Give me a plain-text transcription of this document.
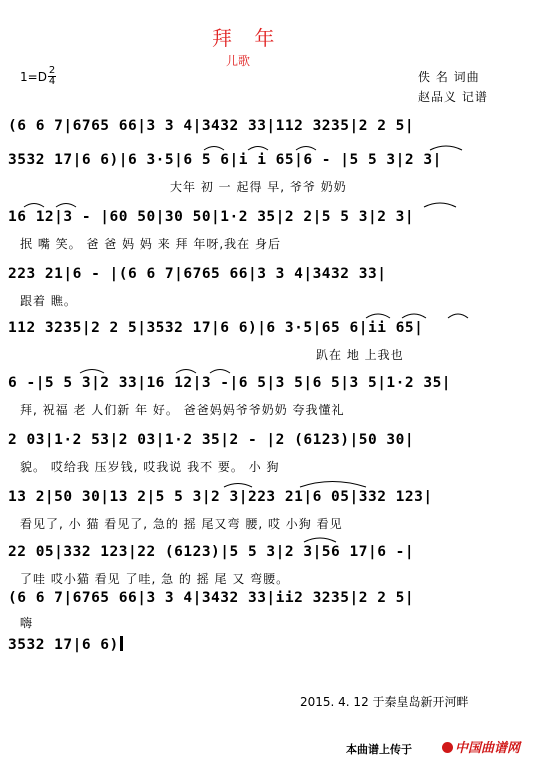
拜 年
儿歌
1=D 2
4	佚 名 词曲
赵品义 记谱
(6 6 7|6765 66|3 3 4|3432 33|112 3235|2 2 5|
3532 17|6 6)|6 3·5|6 5 6|i i 65|6 - |5 5 3|2 3|
大年 初 一 起得 早, 爷爷 奶奶
16 12|3 - |60 50|30 50|1·2 35|2 2|5 5 3|2 3|
抿 嘴 笑。 爸 爸 妈 妈 来 拜 年呀,我在 身后
223 21|6 - |(6 6 7|6765 66|3 3 4|3432 33|
跟着 瞧。
112 3235|2 2 5|3532 17|6 6)|6 3·5|65 6|ii 65|
趴在 地 上我也
6 -|5 5 3|2 33|16 12|3 -|6 5|3 5|6 5|3 5|1·2 35|
拜, 祝福 老 人们新 年 好。 爸爸妈妈爷爷奶奶 夸我懂礼
2 03|1·2 53|2 03|1·2 35|2 - |2 (6123)|50 30|
貌。 哎给我 压岁钱, 哎我说 我不 要。 小 狗
13 2|50 30|13 2|5 5 3|2 3|223 21|6 05|332 123|
看见了, 小 猫 看见了, 急的 摇 尾又弯 腰, 哎 小狗 看见
22 05|332 123|22 (6123)|5 5 3|2 3|56 17|6 -|
了哇 哎小猫 看见 了哇, 急 的 摇 尾 又 弯腰。
(6 6 7|6765 66|3 3 4|3432 33|ii2 3235|2 2 5|
嗨
3532 17|6 6)
2015. 4. 12 于秦皇岛新开河畔
本曲谱上传于	中国曲谱网
